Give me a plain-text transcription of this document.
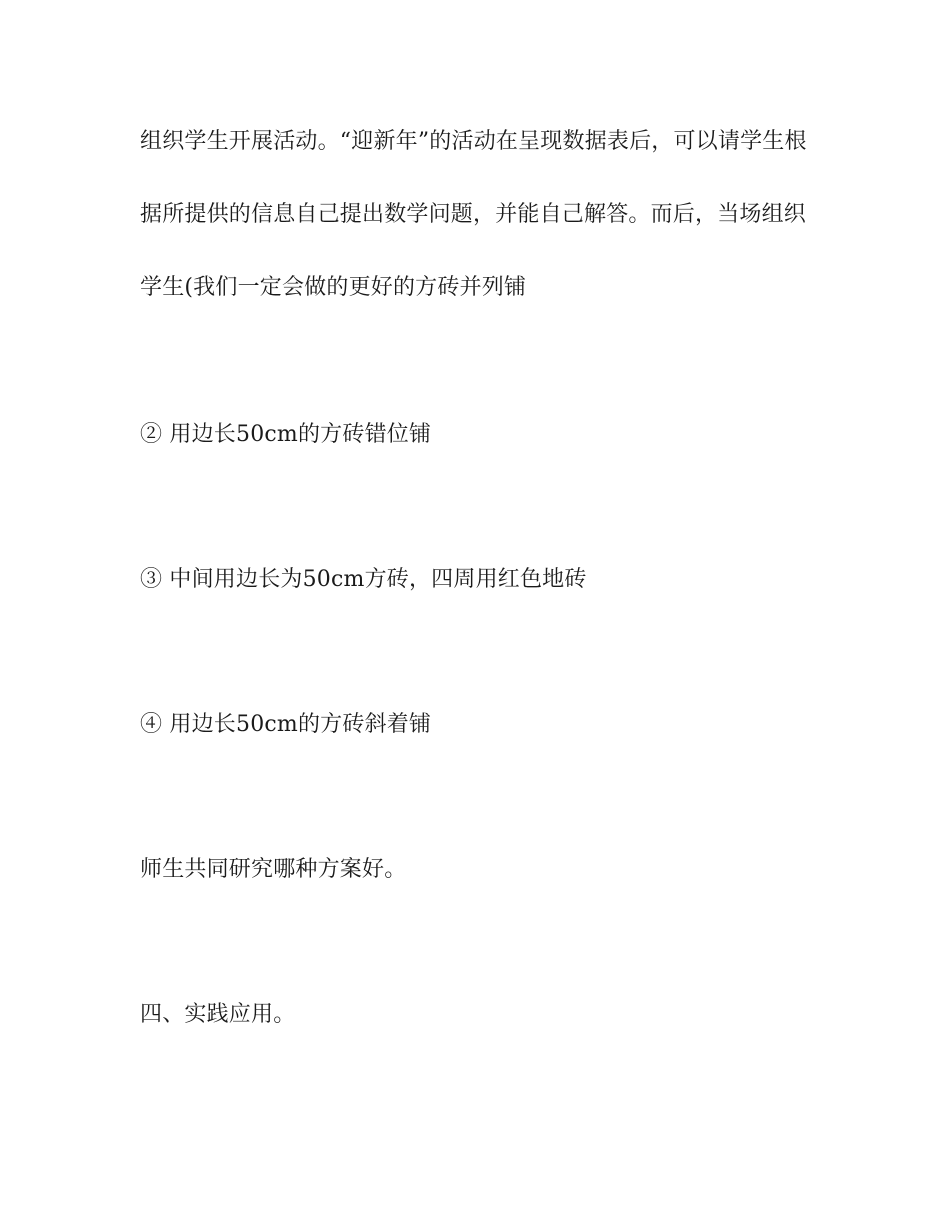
组织学生开展活动。“迎新年”的活动在呈现数据表后，可以请学生根
据所提供的信息自己提出数学问题，并能自己解答。而后，当场组织
学生(我们一定会做的更好的方砖并列铺
② 用边长50cm的方砖错位铺
③ 中间用边长为50cm方砖，四周用红色地砖
④ 用边长50cm的方砖斜着铺
师生共同研究哪种方案好。
四、实践应用。
